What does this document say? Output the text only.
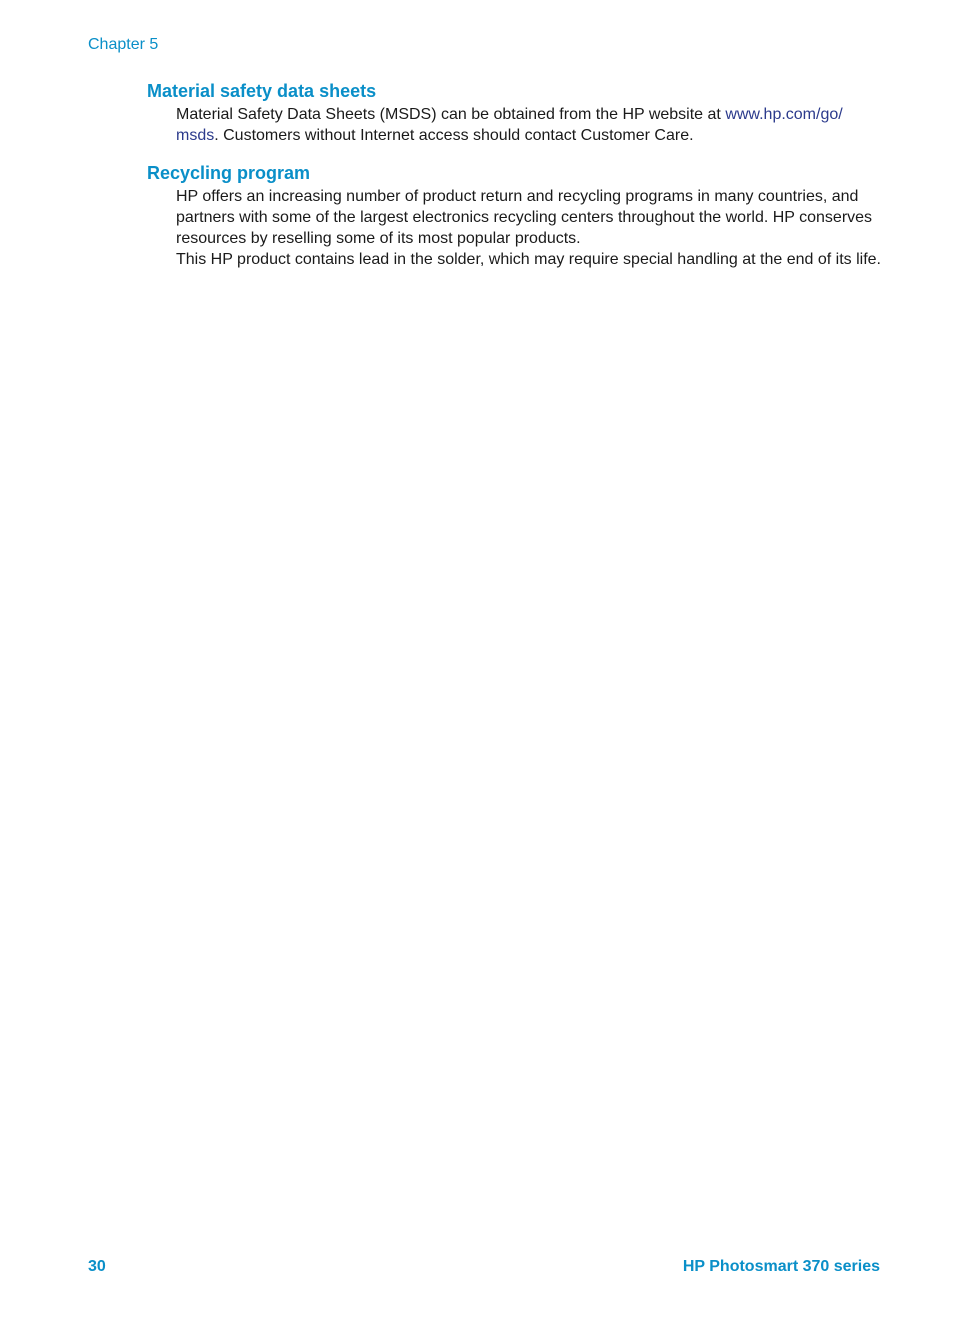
Chapter 5
Material safety data sheets

Material Safety Data Sheets (MSDS) can be obtained from the HP website at www.hp.com/go/
msds. Customers without Internet access should contact Customer Care.

Recycling program

HP offers an increasing number of product return and recycling programs in many countries, and partners with some of the largest electronics recycling centers throughout the world. HP conserves resources by reselling some of its most popular products.

This HP product contains lead in the solder, which may require special handling at the end of its life.

30	HP Photosmart 370 series
